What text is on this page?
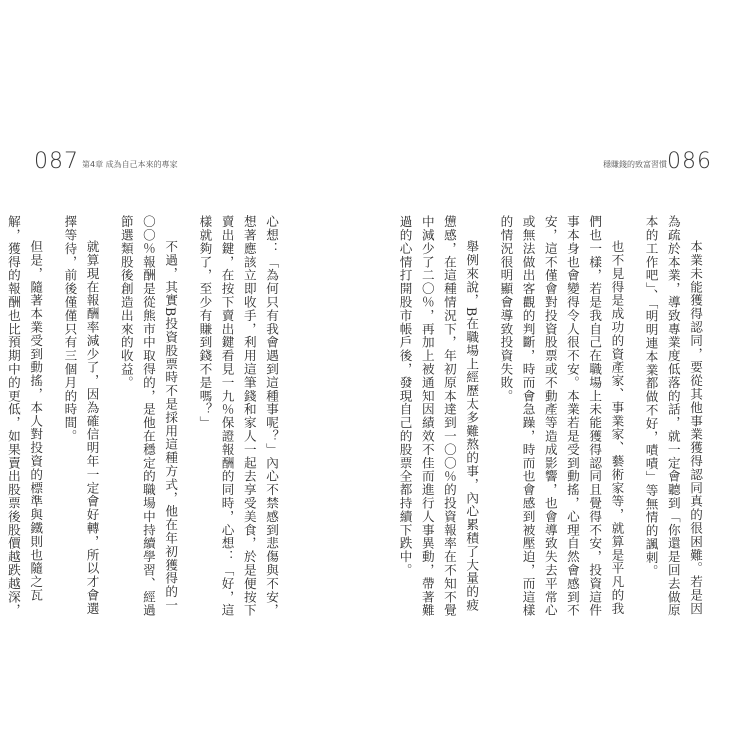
086
穩賺錢的致富習慣

本業未能獲得認同，要從其他事業獲得認同真的很困難。若是因為疏於本業，導致專業度低落的話，就一定會聽到「你還是回去做原本的工作吧」、「明明連本業都做不好，嘖嘖」等無情的諷刺。

也不見得是成功的資產家、事業家、藝術家等，就算是平凡的我們也一樣，若是我自己在職場上未能獲得認同且覺得不安，投資這件事本身也會變得令人很不安。本業若是受到動搖，心理自然會感到不安，這不僅會對投資股票或不動產等造成影響，也會導致失去平常心或無法做出客觀的判斷，時而會急躁，時而也會感到被壓迫，而這樣的情況很明顯會導致投資失敗。

舉例來說，B在職場上經歷太多難熬的事，內心累積了大量的疲憊感，在這種情況下，年初原本達到一〇〇％的投資報率在不知不覺中減少了二〇％，再加上被通知因績效不佳而進行人事異動，帶著難過的心情打開股市帳戶後，發現自己的股票全都持續下跌中。

087 第4章 成為自己本來的專家

心想：「為何只有我會遇到這種事呢？」內心不禁感到悲傷與不安，想著應該立即收手，利用這筆錢和家人一起去享受美食，於是便按下賣出鍵，在按下賣出鍵看見一九％保證報酬的同時，心想：「好，這樣就夠了，至少有賺到錢不是嗎？」

不過，其實B投資股票時不是採用這種方式，他在年初獲得的一〇〇％報酬是從熊市中取得的，是他在穩定的職場中持續學習、經過節選類股後創造出來的收益。

就算現在報酬率減少了，因為確信明年一定會好轉，所以才會選擇等待，前後僅僅只有三個月的時間。

但是，隨著本業受到動搖，本人對投資的標準與鐵則也隨之瓦解，獲得的報酬也比預期中的更低，如果賣出股票後股價越跌越深，
